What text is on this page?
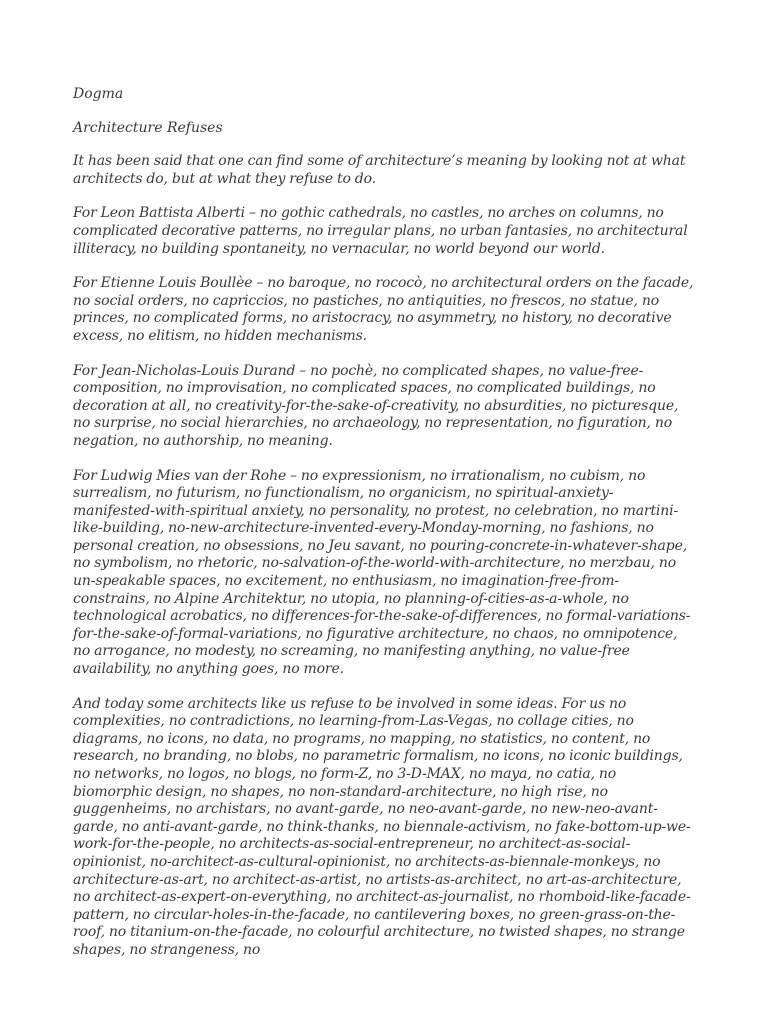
Dogma

Architecture Refuses

It has been said that one can find some of architecture’s meaning by looking not at what architects do, but at what they refuse to do.

For Leon Battista Alberti – no gothic cathedrals, no castles, no arches on columns, no complicated decorative patterns, no irregular plans, no urban fantasies, no architectural illiteracy, no building spontaneity, no vernacular, no world beyond our world.

For Etienne Louis Boullèe – no baroque, no rococò, no architectural orders on the facade, no social orders, no capriccios, no pastiches, no antiquities, no frescos, no statue, no princes, no complicated forms, no aristocracy, no asymmetry, no history, no decorative excess, no elitism, no hidden mechanisms.

For Jean-Nicholas-Louis Durand – no pochè, no complicated shapes, no value-free-composition, no improvisation, no complicated spaces, no complicated buildings, no decoration at all, no creativity-for-the-sake-of-creativity, no absurdities, no picturesque, no surprise, no social hierarchies, no archaeology, no representation, no figuration, no negation, no authorship, no meaning.

For Ludwig Mies van der Rohe – no expressionism, no irrationalism, no cubism, no surrealism, no futurism, no functionalism, no organicism, no spiritual-anxiety-manifested-with-spiritual anxiety, no personality, no protest, no celebration, no martini-like-building, no-new-architecture-invented-every-Monday-morning, no fashions, no personal creation, no obsessions, no Jeu savant, no pouring-concrete-in-whatever-shape, no symbolism, no rhetoric, no-salvation-of-the-world-with-architecture, no merzbau, no un-speakable spaces, no excitement, no enthusiasm, no imagination-free-from-constrains, no Alpine Architektur, no utopia, no planning-of-cities-as-a-whole, no technological acrobatics, no differences-for-the-sake-of-differences, no formal-variations-for-the-sake-of-formal-variations, no figurative architecture, no chaos, no omnipotence, no arrogance, no modesty, no screaming, no manifesting anything, no value-free availability, no anything goes, no more.

And today some architects like us refuse to be involved in some ideas. For us no complexities, no contradictions, no learning-from-Las-Vegas, no collage cities, no diagrams, no icons, no data, no programs, no mapping, no statistics, no content, no research, no branding, no blobs, no parametric formalism, no icons, no iconic buildings, no networks, no logos, no blogs, no form-Z, no 3-D-MAX, no maya, no catia, no biomorphic design, no shapes, no non-standard-architecture, no high rise, no guggenheims, no archistars, no avant-garde, no neo-avant-garde, no new-neo-avant-garde, no anti-avant-garde, no think-thanks, no biennale-activism, no fake-bottom-up-we-work-for-the-people, no architects-as-social-entrepreneur, no architect-as-social-opinionist, no-architect-as-cultural-opinionist, no architects-as-biennale-monkeys, no architecture-as-art, no architect-as-artist, no artists-as-architect, no art-as-architecture, no architect-as-expert-on-everything, no architect-as-journalist, no rhomboid-like-facade-pattern, no circular-holes-in-the-facade, no cantilevering boxes, no green-grass-on-the-roof, no titanium-on-the-facade, no colourful architecture, no twisted shapes, no strange shapes, no strangeness, no
